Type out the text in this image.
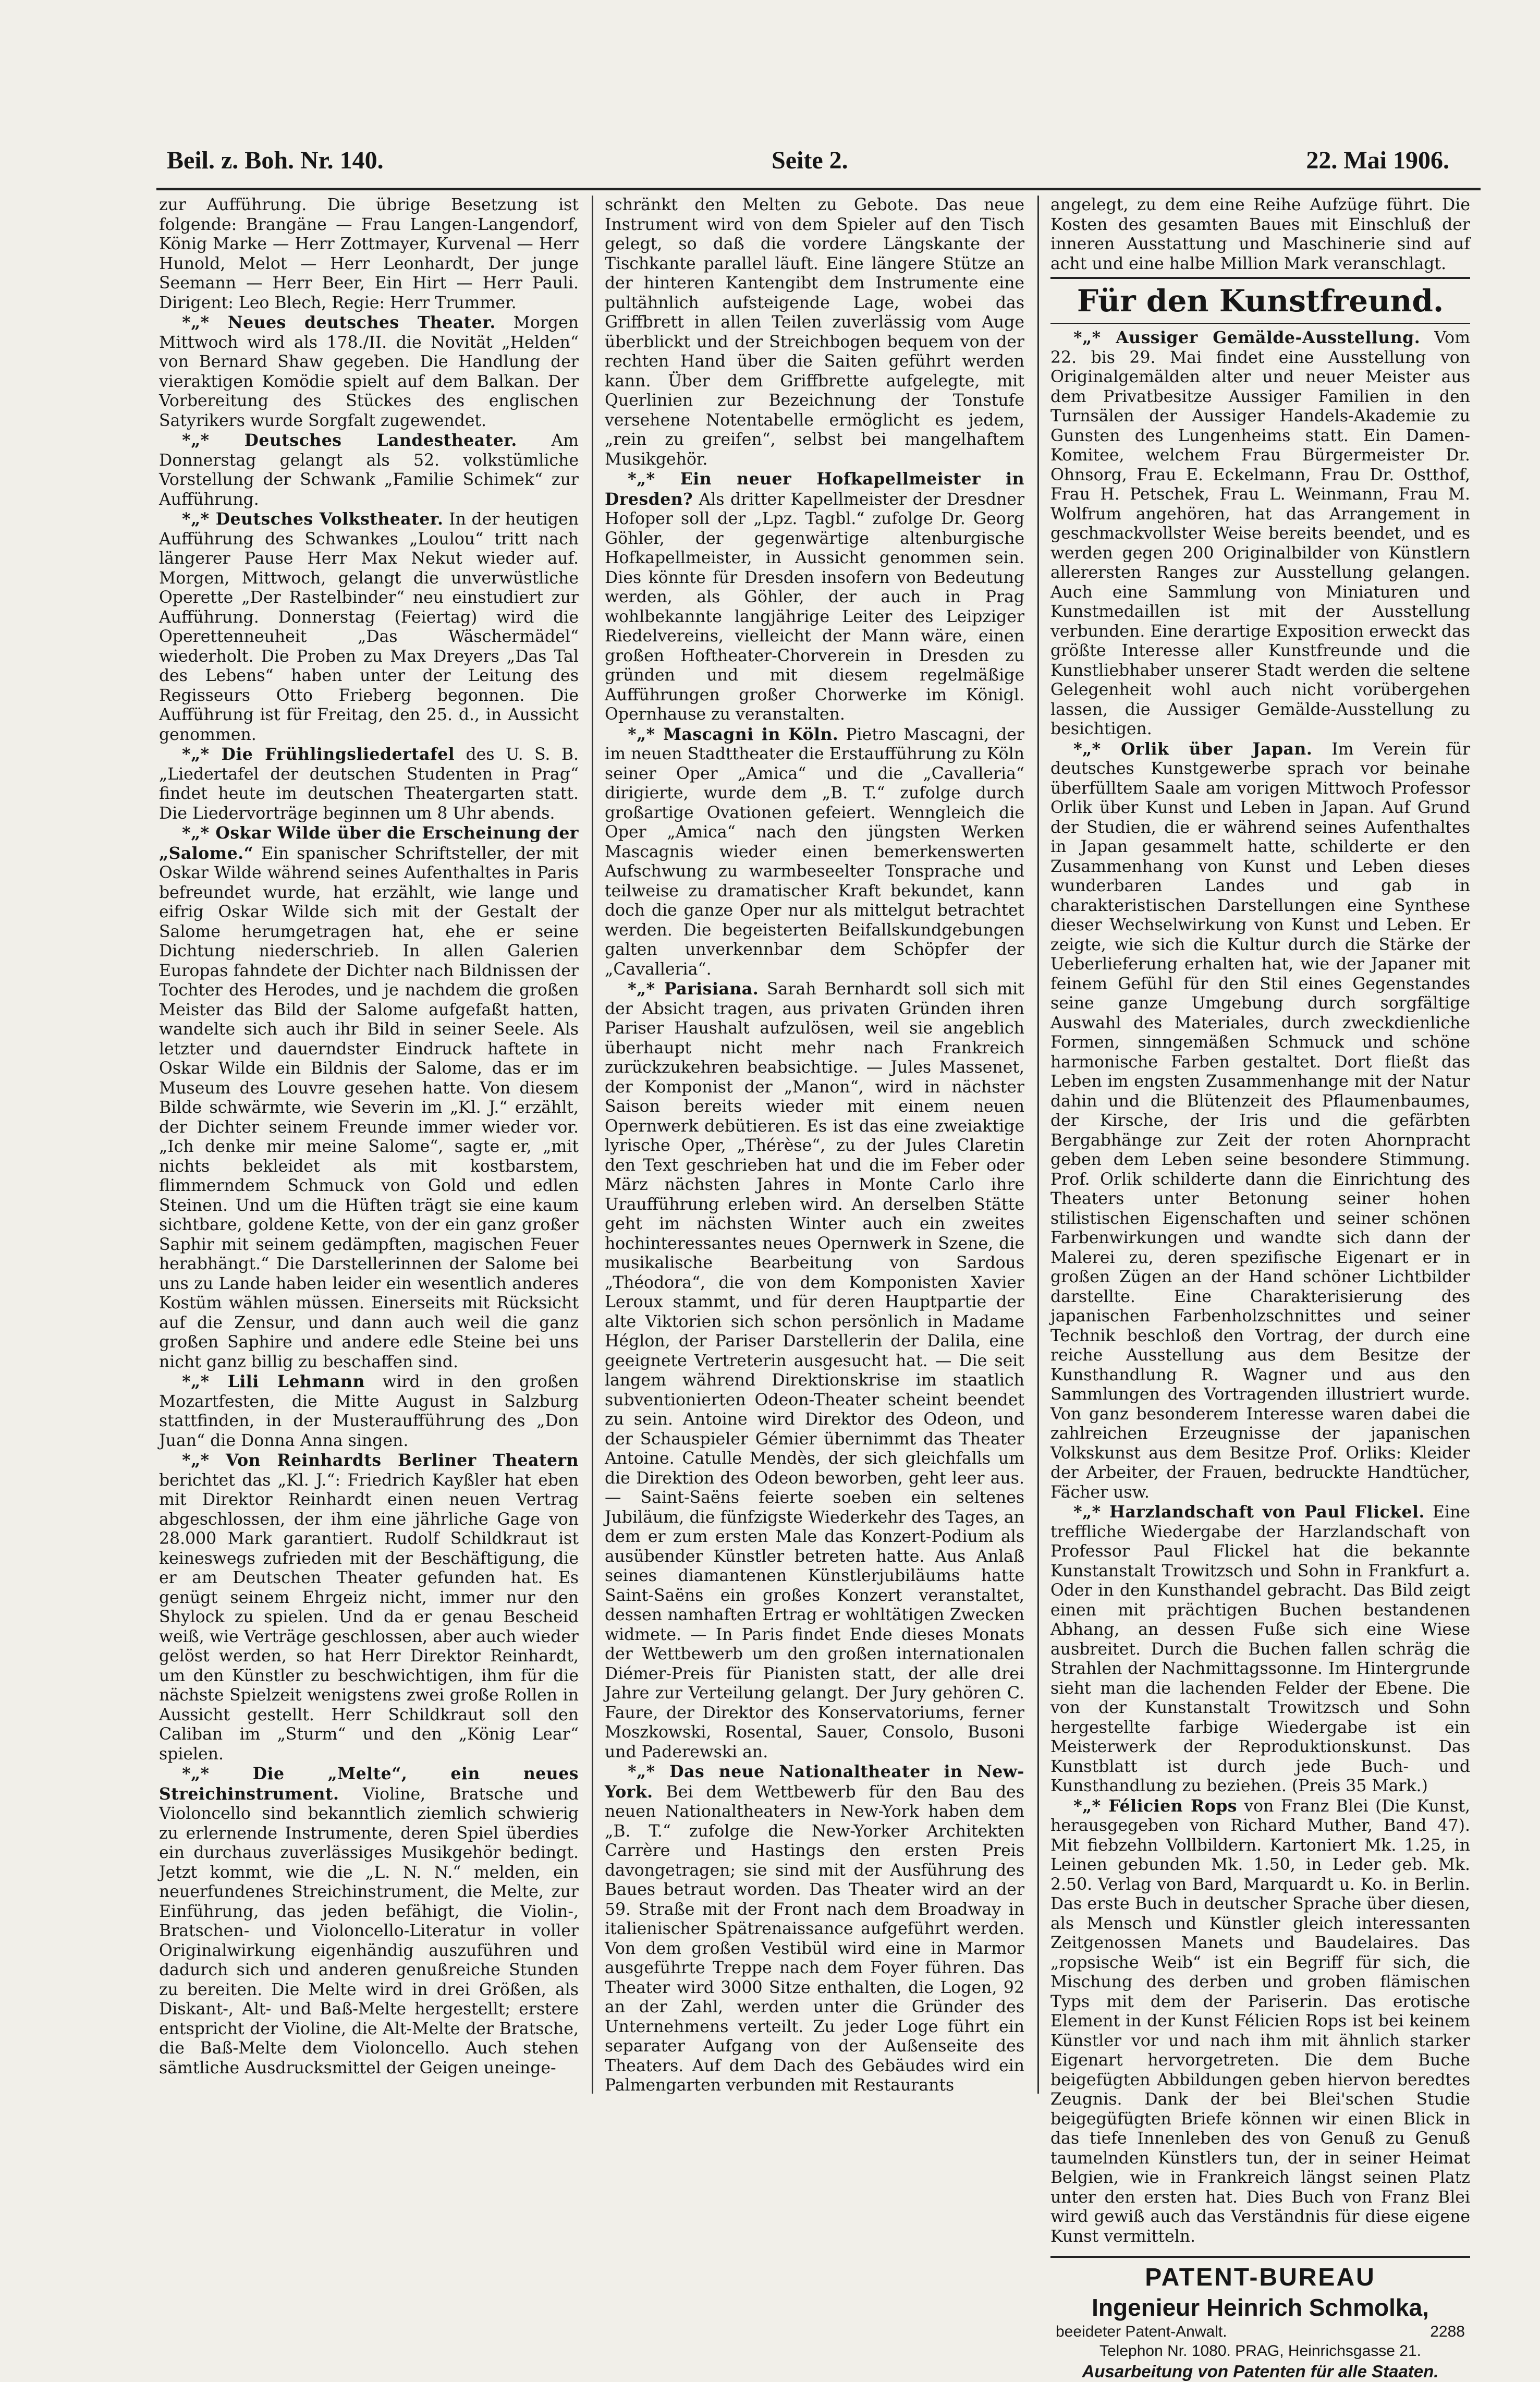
Beil. z. Boh. Nr. 140.	Seite 2.	22. Mai 1906.

zur Aufführung. Die übrige Besetzung ist folgende: Brangäne — Frau Langen-Langendorf, König Marke — Herr Zottmayer, Kurvenal — Herr Hunold, Melot — Herr Leonhardt, Der junge Seemann — Herr Beer, Ein Hirt — Herr Pauli. Dirigent: Leo Blech, Regie: Herr Trummer.

*„* Neues deutsches Theater. Morgen Mittwoch wird als 178./II. die Novität „Helden“ von Bernard Shaw gegeben. Die Handlung der vieraktigen Komödie spielt auf dem Balkan. Der Vorbereitung des Stückes des englischen Satyrikers wurde Sorgfalt zugewendet.

*„* Deutsches Landestheater. Am Donnerstag gelangt als 52. volkstümliche Vorstellung der Schwank „Familie Schimek“ zur Aufführung.

*„* Deutsches Volkstheater. In der heutigen Aufführung des Schwankes „Loulou“ tritt nach längerer Pause Herr Max Nekut wieder auf. Morgen, Mittwoch, gelangt die unverwüstliche Operette „Der Rastelbinder“ neu einstudiert zur Aufführung. Donnerstag (Feiertag) wird die Operettenneuheit „Das Wäschermädel“ wiederholt. Die Proben zu Max Dreyers „Das Tal des Lebens“ haben unter der Leitung des Regisseurs Otto Frieberg begonnen. Die Aufführung ist für Freitag, den 25. d., in Aussicht genommen.

*„* Die Frühlingsliedertafel des U. S. B. „Liedertafel der deutschen Studenten in Prag“ findet heute im deutschen Theatergarten statt. Die Liedervorträge beginnen um 8 Uhr abends.

*„* Oskar Wilde über die Erscheinung der „Salome.“ Ein spanischer Schriftsteller, der mit Oskar Wilde während seines Aufenthaltes in Paris befreundet wurde, hat erzählt, wie lange und eifrig Oskar Wilde sich mit der Gestalt der Salome herumgetragen hat, ehe er seine Dichtung niederschrieb. In allen Galerien Europas fahndete der Dichter nach Bildnissen der Tochter des Herodes, und je nachdem die großen Meister das Bild der Salome aufgefaßt hatten, wandelte sich auch ihr Bild in seiner Seele. Als letzter und dauerndster Eindruck haftete in Oskar Wilde ein Bildnis der Salome, das er im Museum des Louvre gesehen hatte. Von diesem Bilde schwärmte, wie Severin im „Kl. J.“ erzählt, der Dichter seinem Freunde immer wieder vor. „Ich denke mir meine Salome“, sagte er, „mit nichts bekleidet als mit kostbarstem, flimmerndem Schmuck von Gold und edlen Steinen. Und um die Hüften trägt sie eine kaum sichtbare, goldene Kette, von der ein ganz großer Saphir mit seinem gedämpften, magischen Feuer herabhängt.“ Die Darstellerinnen der Salome bei uns zu Lande haben leider ein wesentlich anderes Kostüm wählen müssen. Einerseits mit Rücksicht auf die Zensur, und dann auch weil die ganz großen Saphire und andere edle Steine bei uns nicht ganz billig zu beschaffen sind.

*„* Lili Lehmann wird in den großen Mozartfesten, die Mitte August in Salzburg stattfinden, in der Musteraufführung des „Don Juan“ die Donna Anna singen.

*„* Von Reinhardts Berliner Theatern berichtet das „Kl. J.“: Friedrich Kayßler hat eben mit Direktor Reinhardt einen neuen Vertrag abgeschlossen, der ihm eine jährliche Gage von 28.000 Mark garantiert. Rudolf Schildkraut ist keineswegs zufrieden mit der Beschäftigung, die er am Deutschen Theater gefunden hat. Es genügt seinem Ehrgeiz nicht, immer nur den Shylock zu spielen. Und da er genau Bescheid weiß, wie Verträge geschlossen, aber auch wieder gelöst werden, so hat Herr Direktor Reinhardt, um den Künstler zu beschwichtigen, ihm für die nächste Spielzeit wenigstens zwei große Rollen in Aussicht gestellt. Herr Schildkraut soll den Caliban im „Sturm“ und den „König Lear“ spielen.

*„* Die „Melte“, ein neues Streichinstrument. Violine, Bratsche und Violoncello sind bekanntlich ziemlich schwierig zu erlernende Instrumente, deren Spiel überdies ein durchaus zuverlässiges Musikgehör bedingt. Jetzt kommt, wie die „L. N. N.“ melden, ein neuerfundenes Streichinstrument, die Melte, zur Einführung, das jeden befähigt, die Violin-, Bratschen- und Violoncello-Literatur in voller Originalwirkung eigenhändig auszuführen und dadurch sich und anderen genußreiche Stunden zu bereiten. Die Melte wird in drei Größen, als Diskant-, Alt- und Baß-Melte hergestellt; erstere entspricht der Violine, die Alt-Melte der Bratsche, die Baß-Melte dem Violoncello. Auch stehen sämtliche Ausdrucksmittel der Geigen uneinge-

schränkt den Melten zu Gebote. Das neue Instrument wird von dem Spieler auf den Tisch gelegt, so daß die vordere Längskante der Tischkante parallel läuft. Eine längere Stütze an der hinteren Kantengibt dem Instrumente eine pultähnlich aufsteigende Lage, wobei das Griffbrett in allen Teilen zuverlässig vom Auge überblickt und der Streichbogen bequem von der rechten Hand über die Saiten geführt werden kann. Über dem Griffbrette aufgelegte, mit Querlinien zur Bezeichnung der Tonstufe versehene Notentabelle ermöglicht es jedem, „rein zu greifen“, selbst bei mangelhaftem Musikgehör.

*„* Ein neuer Hofkapellmeister in Dresden? Als dritter Kapellmeister der Dresdner Hofoper soll der „Lpz. Tagbl.“ zufolge Dr. Georg Göhler, der gegenwärtige altenburgische Hofkapellmeister, in Aussicht genommen sein. Dies könnte für Dresden insofern von Bedeutung werden, als Göhler, der auch in Prag wohlbekannte langjährige Leiter des Leipziger Riedelvereins, vielleicht der Mann wäre, einen großen Hoftheater-Chorverein in Dresden zu gründen und mit diesem regelmäßige Aufführungen großer Chorwerke im Königl. Opernhause zu veranstalten.

*„* Mascagni in Köln. Pietro Mascagni, der im neuen Stadttheater die Erstaufführung zu Köln seiner Oper „Amica“ und die „Cavalleria“ dirigierte, wurde dem „B. T.“ zufolge durch großartige Ovationen gefeiert. Wenngleich die Oper „Amica“ nach den jüngsten Werken Mascagnis wieder einen bemerkenswerten Aufschwung zu warmbeseelter Tonsprache und teilweise zu dramatischer Kraft bekundet, kann doch die ganze Oper nur als mittelgut betrachtet werden. Die begeisterten Beifallskundgebungen galten unverkennbar dem Schöpfer der „Cavalleria“.

*„* Parisiana. Sarah Bernhardt soll sich mit der Absicht tragen, aus privaten Gründen ihren Pariser Haushalt aufzulösen, weil sie angeblich überhaupt nicht mehr nach Frankreich zurückzukehren beabsichtige. — Jules Massenet, der Komponist der „Manon“, wird in nächster Saison bereits wieder mit einem neuen Opernwerk debütieren. Es ist das eine zweiaktige lyrische Oper, „Thérèse“, zu der Jules Claretin den Text geschrieben hat und die im Feber oder März nächsten Jahres in Monte Carlo ihre Uraufführung erleben wird. An derselben Stätte geht im nächsten Winter auch ein zweites hochinteressantes neues Opernwerk in Szene, die musikalische Bearbeitung von Sardous „Théodora“, die von dem Komponisten Xavier Leroux stammt, und für deren Hauptpartie der alte Viktorien sich schon persönlich in Madame Héglon, der Pariser Darstellerin der Dalila, eine geeignete Vertreterin ausgesucht hat. — Die seit langem während Direktionskrise im staatlich subventionierten Odeon-Theater scheint beendet zu sein. Antoine wird Direktor des Odeon, und der Schauspieler Gémier übernimmt das Theater Antoine. Catulle Mendès, der sich gleichfalls um die Direktion des Odeon beworben, geht leer aus. — Saint-Saëns feierte soeben ein seltenes Jubiläum, die fünfzigste Wiederkehr des Tages, an dem er zum ersten Male das Konzert-Podium als ausübender Künstler betreten hatte. Aus Anlaß seines diamantenen Künstlerjubiläums hatte Saint-Saëns ein großes Konzert veranstaltet, dessen namhaften Ertrag er wohltätigen Zwecken widmete. — In Paris findet Ende dieses Monats der Wettbewerb um den großen internationalen Diémer-Preis für Pianisten statt, der alle drei Jahre zur Verteilung gelangt. Der Jury gehören C. Faure, der Direktor des Konservatoriums, ferner Moszkowski, Rosental, Sauer, Consolo, Busoni und Paderewski an.

*„* Das neue Nationaltheater in New-York. Bei dem Wettbewerb für den Bau des neuen Nationaltheaters in New-York haben dem „B. T.“ zufolge die New-Yorker Architekten Carrère und Hastings den ersten Preis davongetragen; sie sind mit der Ausführung des Baues betraut worden. Das Theater wird an der 59. Straße mit der Front nach dem Broadway in italienischer Spätrenaissance aufgeführt werden. Von dem großen Vestibül wird eine in Marmor ausgeführte Treppe nach dem Foyer führen. Das Theater wird 3000 Sitze enthalten, die Logen, 92 an der Zahl, werden unter die Gründer des Unternehmens verteilt. Zu jeder Loge führt ein separater Aufgang von der Außenseite des Theaters. Auf dem Dach des Gebäudes wird ein Palmengarten verbunden mit Restaurants

angelegt, zu dem eine Reihe Aufzüge führt. Die Kosten des gesamten Baues mit Einschluß der inneren Ausstattung und Maschinerie sind auf acht und eine halbe Million Mark veranschlagt.

Für den Kunstfreund.

*„* Aussiger Gemälde-Ausstellung. Vom 22. bis 29. Mai findet eine Ausstellung von Originalgemälden alter und neuer Meister aus dem Privatbesitze Aussiger Familien in den Turnsälen der Aussiger Handels-Akademie zu Gunsten des Lungenheims statt. Ein Damen-Komitee, welchem Frau Bürgermeister Dr. Ohnsorg, Frau E. Eckelmann, Frau Dr. Ostthof, Frau H. Petschek, Frau L. Weinmann, Frau M. Wolfrum angehören, hat das Arrangement in geschmackvollster Weise bereits beendet, und es werden gegen 200 Originalbilder von Künstlern allerersten Ranges zur Ausstellung gelangen. Auch eine Sammlung von Miniaturen und Kunstmedaillen ist mit der Ausstellung verbunden. Eine derartige Exposition erweckt das größte Interesse aller Kunstfreunde und die Kunstliebhaber unserer Stadt werden die seltene Gelegenheit wohl auch nicht vorübergehen lassen, die Aussiger Gemälde-Ausstellung zu besichtigen.

*„* Orlik über Japan. Im Verein für deutsches Kunstgewerbe sprach vor beinahe überfülltem Saale am vorigen Mittwoch Professor Orlik über Kunst und Leben in Japan. Auf Grund der Studien, die er während seines Aufenthaltes in Japan gesammelt hatte, schilderte er den Zusammenhang von Kunst und Leben dieses wunderbaren Landes und gab in charakteristischen Darstellungen eine Synthese dieser Wechselwirkung von Kunst und Leben. Er zeigte, wie sich die Kultur durch die Stärke der Ueberlieferung erhalten hat, wie der Japaner mit feinem Gefühl für den Stil eines Gegenstandes seine ganze Umgebung durch sorgfältige Auswahl des Materiales, durch zweckdienliche Formen, sinngemäßen Schmuck und schöne harmonische Farben gestaltet. Dort fließt das Leben im engsten Zusammenhange mit der Natur dahin und die Blütenzeit des Pflaumenbaumes, der Kirsche, der Iris und die gefärbten Bergabhänge zur Zeit der roten Ahornpracht geben dem Leben seine besondere Stimmung. Prof. Orlik schilderte dann die Einrichtung des Theaters unter Betonung seiner hohen stilistischen Eigenschaften und seiner schönen Farbenwirkungen und wandte sich dann der Malerei zu, deren spezifische Eigenart er in großen Zügen an der Hand schöner Lichtbilder darstellte. Eine Charakterisierung des japanischen Farbenholzschnittes und seiner Technik beschloß den Vortrag, der durch eine reiche Ausstellung aus dem Besitze der Kunsthandlung R. Wagner und aus den Sammlungen des Vortragenden illustriert wurde. Von ganz besonderem Interesse waren dabei die zahlreichen Erzeugnisse der japanischen Volkskunst aus dem Besitze Prof. Orliks: Kleider der Arbeiter, der Frauen, bedruckte Handtücher, Fächer usw.

*„* Harzlandschaft von Paul Flickel. Eine treffliche Wiedergabe der Harzlandschaft von Professor Paul Flickel hat die bekannte Kunstanstalt Trowitzsch und Sohn in Frankfurt a. Oder in den Kunsthandel gebracht. Das Bild zeigt einen mit prächtigen Buchen bestandenen Abhang, an dessen Fuße sich eine Wiese ausbreitet. Durch die Buchen fallen schräg die Strahlen der Nachmittagssonne. Im Hintergrunde sieht man die lachenden Felder der Ebene. Die von der Kunstanstalt Trowitzsch und Sohn hergestellte farbige Wiedergabe ist ein Meisterwerk der Reproduktionskunst. Das Kunstblatt ist durch jede Buch- und Kunsthandlung zu beziehen. (Preis 35 Mark.)

*„* Félicien Rops von Franz Blei (Die Kunst, herausgegeben von Richard Muther, Band 47). Mit fiebzehn Vollbildern. Kartoniert Mk. 1.25, in Leinen gebunden Mk. 1.50, in Leder geb. Mk. 2.50. Verlag von Bard, Marquardt u. Ko. in Berlin. Das erste Buch in deutscher Sprache über diesen, als Mensch und Künstler gleich interessanten Zeitgenossen Manets und Baudelaires. Das „ropsische Weib“ ist ein Begriff für sich, die Mischung des derben und groben flämischen Typs mit dem der Pariserin. Das erotische Element in der Kunst Félicien Rops ist bei keinem Künstler vor und nach ihm mit ähnlich starker Eigenart hervorgetreten. Die dem Buche beigefügten Abbildungen geben hiervon beredtes Zeugnis. Dank der bei Blei'schen Studie beigegüfügten Briefe können wir einen Blick in das tiefe Innenleben des von Genuß zu Genuß taumelnden Künstlers tun, der in seiner Heimat Belgien, wie in Frankreich längst seinen Platz unter den ersten hat. Dies Buch von Franz Blei wird gewiß auch das Verständnis für diese eigene Kunst vermitteln.

PATENT-BUREAU
Ingenieur Heinrich Schmolka,
beeideter Patent-Anwalt.	2288
Telephon Nr. 1080. PRAG, Heinrichsgasse 21.
Ausarbeitung von Patenten für alle Staaten.
